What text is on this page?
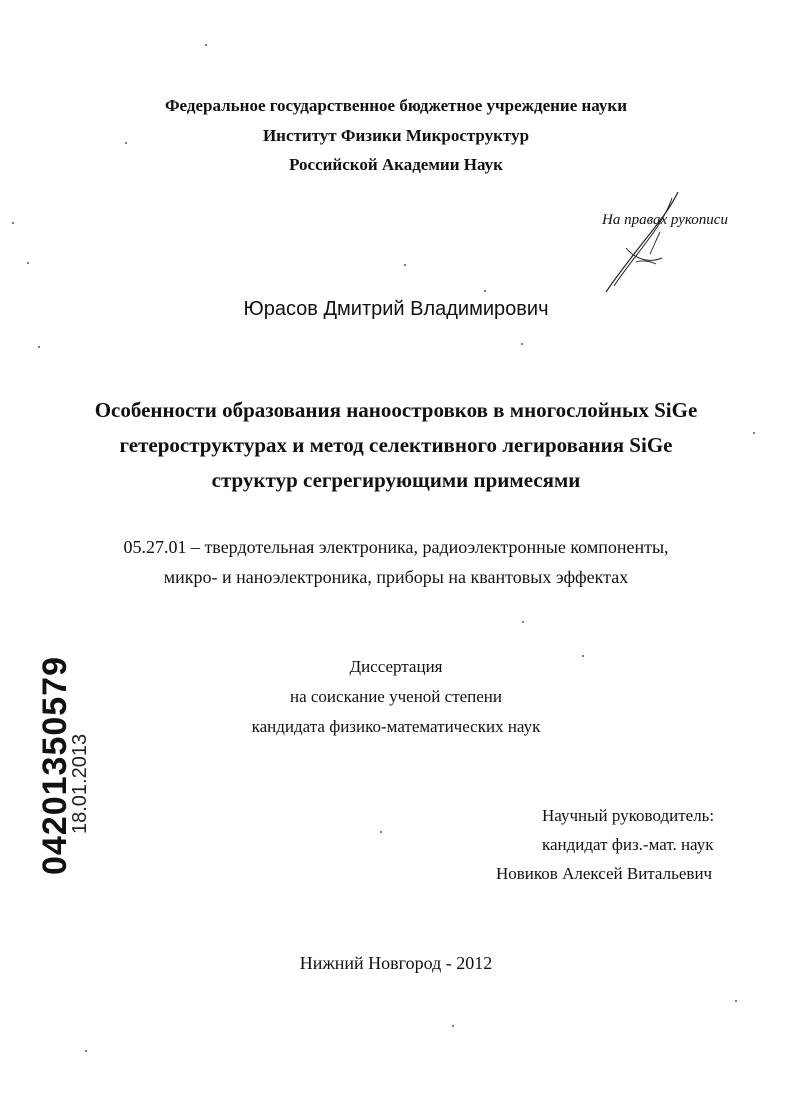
Федеральное государственное бюджетное учреждение науки
Институт Физики Микроструктур
Российской Академии Наук
На правах рукописи
Юрасов Дмитрий Владимирович
Особенности образования наноостровков в многослойных SiGe
гетероструктурах и метод селективного легирования SiGe
структур сегрегирующими примесями
05.27.01 – твердотельная электроника, радиоэлектронные компоненты,
микро- и наноэлектроника, приборы на квантовых эффектах
Диссертация
на соискание ученой степени
кандидата физико-математических наук
Научный руководитель:
кандидат физ.-мат. наук
Новиков Алексей Витальевич
Нижний Новгород - 2012
04201350579
18.01.2013
